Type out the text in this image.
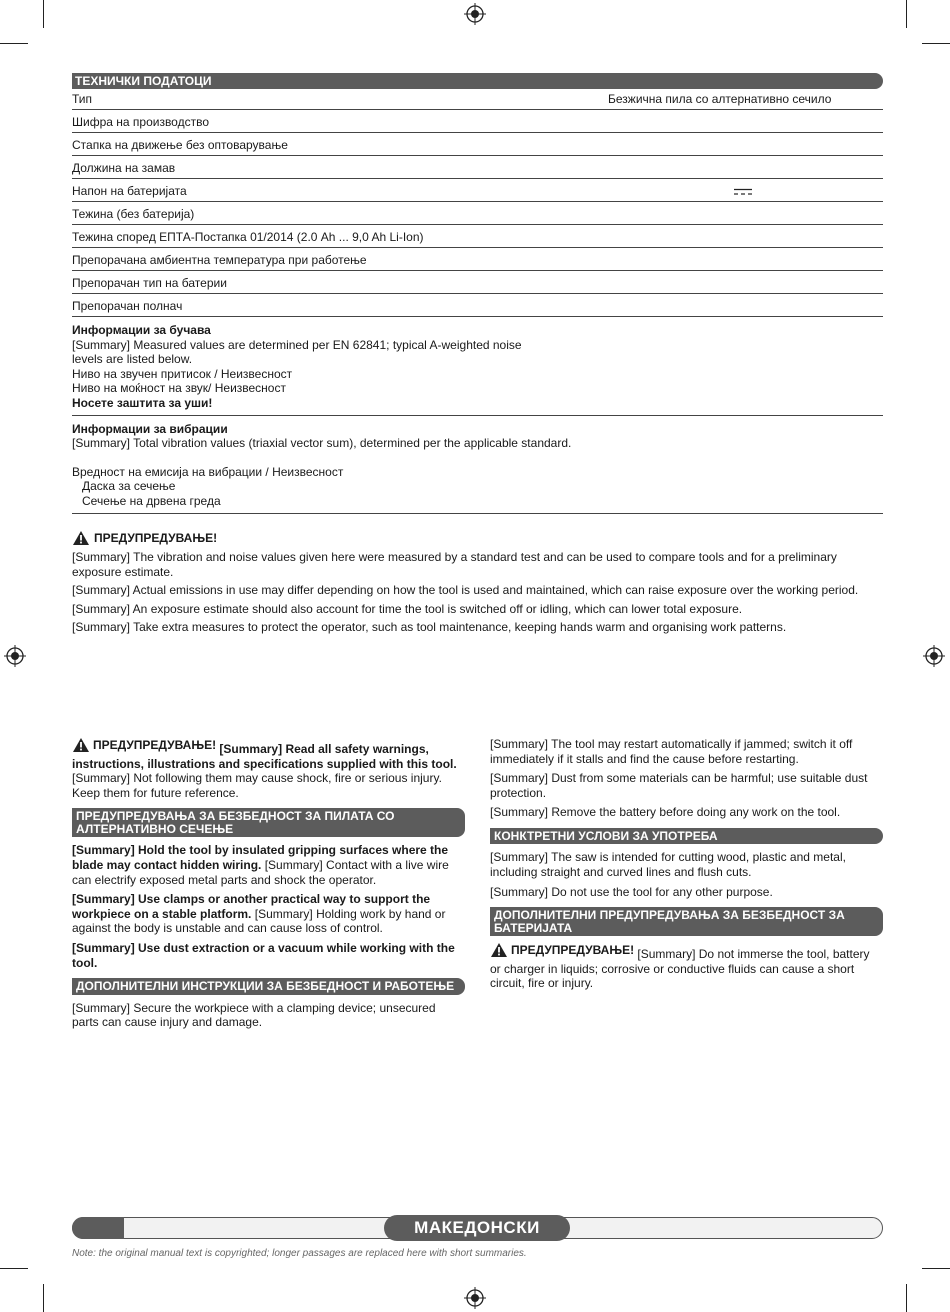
ТЕХНИЧКИ ПОДАТОЦИ
Тип	Безжична пила со алтернативно сечило
Шифра на производство
Стапка на движење без оптоварување
Должина на замав
Напон на батеријата
Тежина (без батерија)
Тежина според ЕПТА-Постапка 01/2014 (2.0 Ah ... 9,0 Ah Li-Ion)
Препорачана амбиентна температура при работење
Препорачан тип на батерии
Препорачан полнач
Информации за бучава
[Summary] Measured values are determined per EN 62841; typical A-weighted noise levels are listed below.
Ниво на звучен притисок / Неизвесност
Ниво на моќност на звук/ Неизвесност
Носете заштита за уши!
Информации за вибрации
[Summary] Total vibration values (triaxial vector sum), determined per the applicable standard.
Вредност на емисија на вибрации / Неизвесност
Даска за сечење
Сечење на дрвена греда
ПРЕДУПРЕДУВАЊЕ!

[Summary] The vibration and noise values given here were measured by a standard test and can be used to compare tools and for a preliminary exposure estimate.

[Summary] Actual emissions in use may differ depending on how the tool is used and maintained, which can raise exposure over the working period.

[Summary] An exposure estimate should also account for time the tool is switched off or idling, which can lower total exposure.

[Summary] Take extra measures to protect the operator, such as tool maintenance, keeping hands warm and organising work patterns.

ПРЕДУПРЕДУВАЊЕ! [Summary] Read all safety warnings, instructions, illustrations and specifications supplied with this tool. [Summary] Not following them may cause shock, fire or serious injury. Keep them for future reference.

ПРЕДУПРЕДУВАЊА ЗА БЕЗБЕДНОСТ ЗА ПИЛАТА СО АЛТЕРНАТИВНО СЕЧЕЊЕ

[Summary] Hold the tool by insulated gripping surfaces where the blade may contact hidden wiring. [Summary] Contact with a live wire can electrify exposed metal parts and shock the operator.

[Summary] Use clamps or another practical way to support the workpiece on a stable platform. [Summary] Holding work by hand or against the body is unstable and can cause loss of control.

[Summary] Use dust extraction or a vacuum while working with the tool.

ДОПОЛНИТЕЛНИ ИНСТРУКЦИИ ЗА БЕЗБЕДНОСТ И РАБОТЕЊЕ

[Summary] Secure the workpiece with a clamping device; unsecured parts can cause injury and damage.

[Summary] The tool may restart automatically if jammed; switch it off immediately if it stalls and find the cause before restarting.

[Summary] Dust from some materials can be harmful; use suitable dust protection.

[Summary] Remove the battery before doing any work on the tool.

КОНКТРЕТНИ УСЛОВИ ЗА УПОТРЕБА

[Summary] The saw is intended for cutting wood, plastic and metal, including straight and curved lines and flush cuts.

[Summary] Do not use the tool for any other purpose.

ДОПОЛНИТЕЛНИ ПРЕДУПРЕДУВАЊА ЗА БЕЗБЕДНОСТ ЗА БАТЕРИЈАТА

ПРЕДУПРЕДУВАЊЕ! [Summary] Do not immerse the tool, battery or charger in liquids; corrosive or conductive fluids can cause a short circuit, fire or injury.

МАКЕДОНСКИ
Note: the original manual text is copyrighted; longer passages are replaced here with short summaries.
